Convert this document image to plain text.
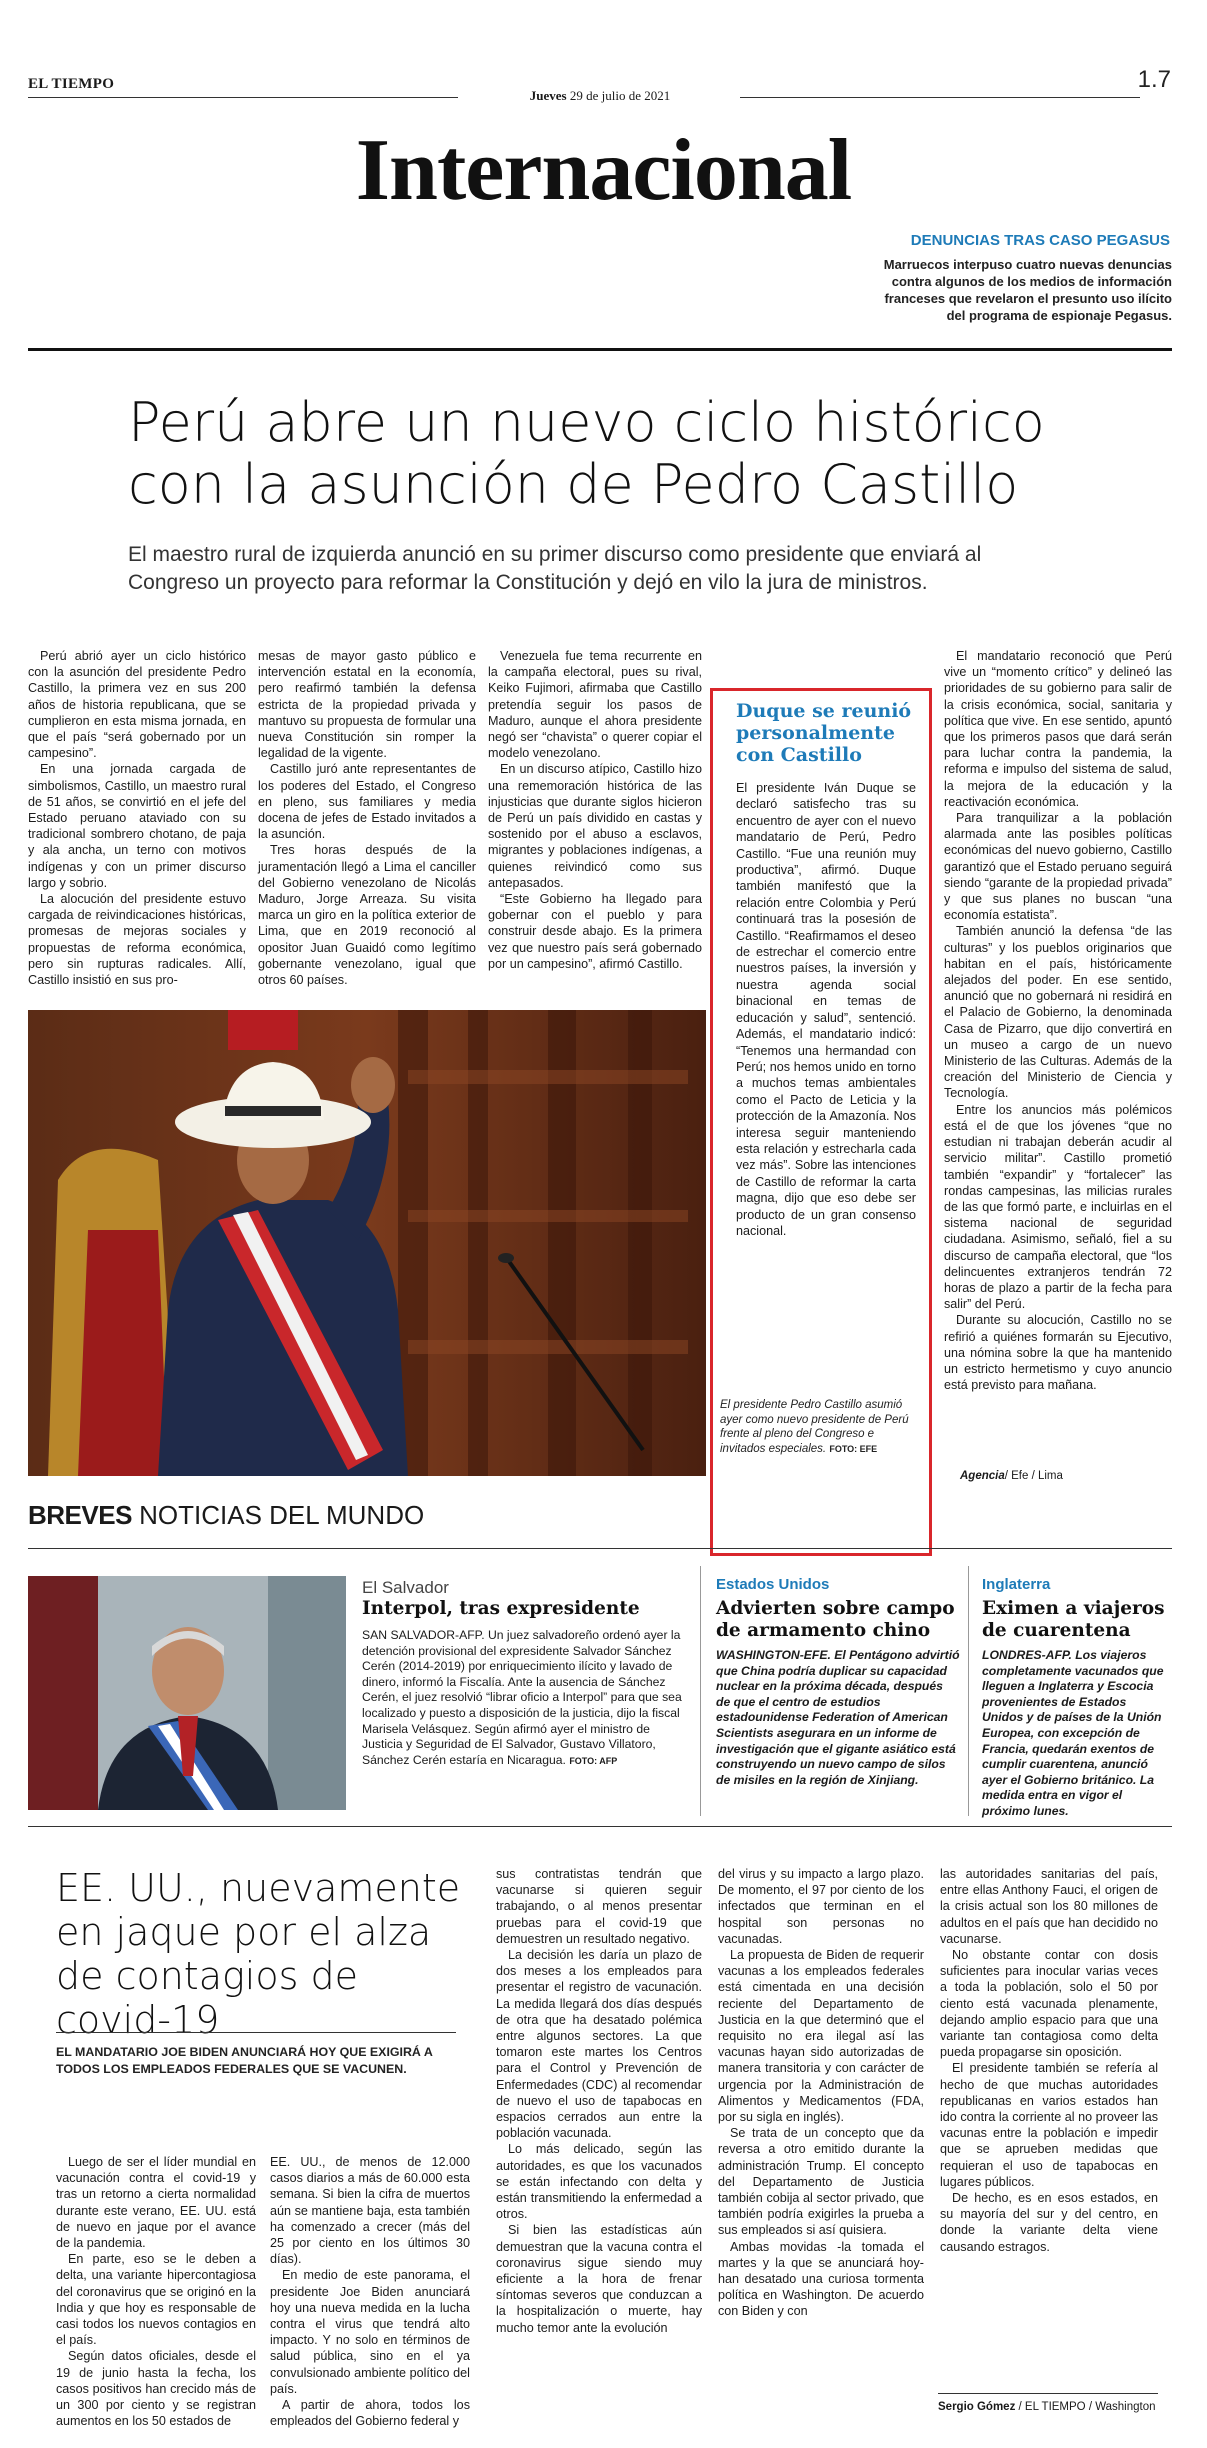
EL TIEMPO
Jueves 29 de julio de 2021
1.7
Internacional
DENUNCIAS TRAS CASO PEGASUS
Marruecos interpuso cuatro nuevas denuncias contra algunos de los medios de información franceses que revelaron el presunto uso ilícito del programa de espionaje Pegasus.
Perú abre un nuevo ciclo histórico
con la asunción de Pedro Castillo
El maestro rural de izquierda anunció en su primer discurso como presidente que enviará al Congreso un proyecto para reformar la Constitución y dejó en vilo la jura de ministros.

Perú abrió ayer un ciclo histórico con la asunción del presidente Pedro Castillo, la primera vez en sus 200 años de historia republicana, que se cumplieron en esta misma jornada, en que el país “será gobernado por un campesino”.

En una jornada cargada de simbolismos, Castillo, un maestro rural de 51 años, se convirtió en el jefe del Estado peruano ataviado con su tradicional sombrero chotano, de paja y ala ancha, un terno con motivos indígenas y con un primer discurso largo y sobrio.

La alocución del presidente estuvo cargada de reivindicaciones históricas, promesas de mejoras sociales y propuestas de reforma económica, pero sin rupturas radicales. Allí, Castillo insistió en sus pro-

mesas de mayor gasto público e intervención estatal en la economía, pero reafirmó también la defensa estricta de la propiedad privada y mantuvo su propuesta de formular una nueva Constitución sin romper la legalidad de la vigente.

Castillo juró ante representantes de los poderes del Estado, el Congreso en pleno, sus familiares y media docena de jefes de Estado invitados a la asunción.

Tres horas después de la juramentación llegó a Lima el canciller del Gobierno venezolano de Nicolás Maduro, Jorge Arreaza. Su visita marca un giro en la política exterior de Lima, que en 2019 reconoció al opositor Juan Guaidó como legítimo gobernante venezolano, igual que otros 60 países.

Venezuela fue tema recurrente en la campaña electoral, pues su rival, Keiko Fujimori, afirmaba que Castillo pretendía seguir los pasos de Maduro, aunque el ahora presidente negó ser “chavista” o querer copiar el modelo venezolano.

En un discurso atípico, Castillo hizo una rememoración histórica de las injusticias que durante siglos hicieron de Perú un país dividido en castas y sostenido por el abuso a esclavos, migrantes y poblaciones indígenas, a quienes reivindicó como sus antepasados.

“Este Gobierno ha llegado para gobernar con el pueblo y para construir desde abajo. Es la primera vez que nuestro país será gobernado por un campesino”, afirmó Castillo.

El mandatario reconoció que Perú vive un “momento crítico” y delineó las prioridades de su gobierno para salir de la crisis económica, social, sanitaria y política que vive. En ese sentido, apuntó que los primeros pasos que dará serán para luchar contra la pandemia, la reforma e impulso del sistema de salud, la mejora de la educación y la reactivación económica.

Para tranquilizar a la población alarmada ante las posibles políticas económicas del nuevo gobierno, Castillo garantizó que el Estado peruano seguirá siendo “garante de la propiedad privada” y que sus planes no buscan “una economía estatista”.

También anunció la defensa “de las culturas” y los pueblos originarios que habitan en el país, históricamente alejados del poder. En ese sentido, anunció que no gobernará ni residirá en el Palacio de Gobierno, la denominada Casa de Pizarro, que dijo convertirá en un museo a cargo de un nuevo Ministerio de las Culturas. Además de la creación del Ministerio de Ciencia y Tecnología.

Entre los anuncios más polémicos está el de que los jóvenes “que no estudian ni trabajan deberán acudir al servicio militar”. Castillo prometió también “expandir” y “fortalecer” las rondas campesinas, las milicias rurales de las que formó parte, e incluirlas en el sistema nacional de seguridad ciudadana. Asimismo, señaló, fiel a su discurso de campaña electoral, que “los delincuentes extranjeros tendrán 72 horas de plazo a partir de la fecha para salir” del Perú.

Durante su alocución, Castillo no se refirió a quiénes formarán su Ejecutivo, una nómina sobre la que ha mantenido un estricto hermetismo y cuyo anuncio está previsto para mañana.

Agencia/ Efe / Lima
Duque se reunió personalmente con Castillo
El presidente Iván Duque se declaró satisfecho tras su encuentro de ayer con el nuevo mandatario de Perú, Pedro Castillo. “Fue una reunión muy productiva”, afirmó. Duque también manifestó que la relación entre Colombia y Perú continuará tras la posesión de Castillo. “Reafirmamos el deseo de estrechar el comercio entre nuestros países, la inversión y nuestra agenda social binacional en temas de educación y salud”, sentenció. Además, el mandatario indicó: “Tenemos una hermandad con Perú; nos hemos unido en torno a muchos temas ambientales como el Pacto de Leticia y la protección de la Amazonía. Nos interesa seguir manteniendo esta relación y estrecharla cada vez más”. Sobre las intenciones de Castillo de reformar la carta magna, dijo que eso debe ser producto de un gran consenso nacional.
El presidente Pedro Castillo asumió ayer como nuevo presidente de Perú frente al pleno del Congreso e invitados especiales. FOTO: EFE
BREVES NOTICIAS DEL MUNDO
El Salvador
Interpol, tras expresidente
SAN SALVADOR-AFP. Un juez salvadoreño ordenó ayer la detención provisional del expresidente Salvador Sánchez Cerén (2014-2019) por enriquecimiento ilícito y lavado de dinero, informó la Fiscalía. Ante la ausencia de Sánchez Cerén, el juez resolvió “librar oficio a Interpol” para que sea localizado y puesto a disposición de la justicia, dijo la fiscal Marisela Velásquez. Según afirmó ayer el ministro de Justicia y Seguridad de El Salvador, Gustavo Villatoro, Sánchez Cerén estaría en Nicaragua. FOTO: AFP
Estados Unidos
Advierten sobre campo de armamento chino
WASHINGTON-EFE. El Pentágono advirtió que China podría duplicar su capacidad nuclear en la próxima década, después de que el centro de estudios estadounidense Federation of American Scientists asegurara en un informe de investigación que el gigante asiático está construyendo un nuevo campo de silos de misiles en la región de Xinjiang.
Inglaterra
Eximen a viajeros de cuarentena
LONDRES-AFP. Los viajeros completamente vacunados que lleguen a Inglaterra y Escocia provenientes de Estados Unidos y de países de la Unión Europea, con excepción de Francia, quedarán exentos de cumplir cuarentena, anunció ayer el Gobierno británico. La medida entra en vigor el próximo lunes.
EE. UU., nuevamente en jaque por el alza de contagios de covid-19
EL MANDATARIO JOE BIDEN ANUNCIARÁ HOY QUE EXIGIRÁ A TODOS LOS EMPLEADOS FEDERALES QUE SE VACUNEN.

Luego de ser el líder mundial en vacunación contra el covid-19 y tras un retorno a cierta normalidad durante este verano, EE. UU. está de nuevo en jaque por el avance de la pandemia.

En parte, eso se le deben a delta, una variante hipercontagiosa del coronavirus que se originó en la India y que hoy es responsable de casi todos los nuevos contagios en el país.

Según datos oficiales, desde el 19 de junio hasta la fecha, los casos positivos han crecido más de un 300 por ciento y se registran aumentos en los 50 estados de

EE. UU., de menos de 12.000 casos diarios a más de 60.000 esta semana. Si bien la cifra de muertos aún se mantiene baja, esta también ha comenzado a crecer (más del 25 por ciento en los últimos 30 días).

En medio de este panorama, el presidente Joe Biden anunciará hoy una nueva medida en la lucha contra el virus que tendrá alto impacto. Y no solo en términos de salud pública, sino en el ya convulsionado ambiente político del país.

A partir de ahora, todos los empleados del Gobierno federal y

sus contratistas tendrán que vacunarse si quieren seguir trabajando, o al menos presentar pruebas para el covid-19 que demuestren un resultado negativo.

La decisión les daría un plazo de dos meses a los empleados para presentar el registro de vacunación. La medida llegará dos días después de otra que ha desatado polémica entre algunos sectores. La que tomaron este martes los Centros para el Control y Prevención de Enfermedades (CDC) al recomendar de nuevo el uso de tapabocas en espacios cerrados aun entre la población vacunada.

Lo más delicado, según las autoridades, es que los vacunados se están infectando con delta y están transmitiendo la enfermedad a otros.

Si bien las estadísticas aún demuestran que la vacuna contra el coronavirus sigue siendo muy eficiente a la hora de frenar síntomas severos que conduzcan a la hospitalización o muerte, hay mucho temor ante la evolución

del virus y su impacto a largo plazo. De momento, el 97 por ciento de los infectados que terminan en el hospital son personas no vacunadas.

La propuesta de Biden de requerir vacunas a los empleados federales está cimentada en una decisión reciente del Departamento de Justicia en la que determinó que el requisito no era ilegal así las vacunas hayan sido autorizadas de manera transitoria y con carácter de urgencia por la Administración de Alimentos y Medicamentos (FDA, por su sigla en inglés).

Se trata de un concepto que da reversa a otro emitido durante la administración Trump. El concepto del Departamento de Justicia también cobija al sector privado, que también podría exigirles la prueba a sus empleados si así quisiera.

Ambas movidas -la tomada el martes y la que se anunciará hoy- han desatado una curiosa tormenta política en Washington. De acuerdo con Biden y con

las autoridades sanitarias del país, entre ellas Anthony Fauci, el origen de la crisis actual son los 80 millones de adultos en el país que han decidido no vacunarse.

No obstante contar con dosis suficientes para inocular varias veces a toda la población, solo el 50 por ciento está vacunada plenamente, dejando amplio espacio para que una variante tan contagiosa como delta pueda propagarse sin oposición.

El presidente también se refería al hecho de que muchas autoridades republicanas en varios estados han ido contra la corriente al no proveer las vacunas entre la población e impedir que se aprueben medidas que requieran el uso de tapabocas en lugares públicos.

De hecho, es en esos estados, en su mayoría del sur y del centro, en donde la variante delta viene causando estragos.

Sergio Gómez / EL TIEMPO / Washington
